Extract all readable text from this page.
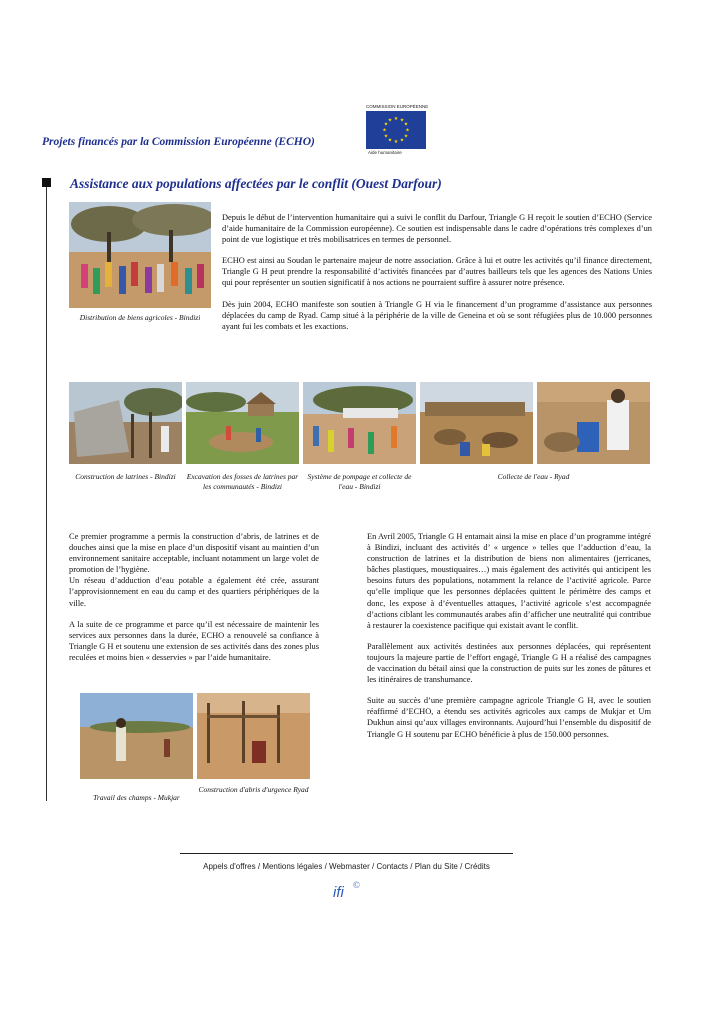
Projets financés par la Commission Européenne (ECHO)
COMMISSION EUROPÉENNE
★ ★
★
★
★
★
★
★
★
★
★
★
Aide humanitaire
Assistance aux populations affectées par le conflit (Ouest Darfour)
Distribution de biens agricoles - Bindizi

Depuis le début de l’intervention humanitaire qui a suivi le conflit du Darfour, Triangle G H reçoit le soutien d’ECHO (Service d’aide humanitaire de la Commission européenne). Ce soutien est indispensable dans le cadre d’opérations très complexes d’un point de vue logistique et très mobilisatrices en termes de personnel.

ECHO est ainsi au Soudan le partenaire majeur de notre association. Grâce à lui et outre les activités qu’il finance directement, Triangle G H peut prendre la responsabilité d’activités financées par d’autres bailleurs tels que les agences des Nations Unies qui pour représenter un soutien significatif à nos actions ne pourraient suffire à assurer notre présence.

Dès juin 2004, ECHO manifeste son soutien à Triangle G H via le financement d’un programme d’assistance aux personnes déplacées du camp de Ryad. Camp situé à la périphérie de la ville de Geneina et où se sont réfugiées plus de 10.000 personnes ayant fui les combats et les exactions.

Construction de latrines - Bindizi	Excavation des fosses de latrines par les communautés - Bindizi
Système de pompage et collecte de l'eau - Bindizi
Collecte de l'eau - Ryad

Ce premier programme a permis la construction d’abris, de latrines et de douches ainsi que la mise en place d’un dispositif visant au maintien d’un environnement sanitaire acceptable, incluant notamment un large volet de promotion de l’hygiène.

Un réseau d’adduction d’eau potable a également été crée, assurant l’approvisionnement en eau du camp et des quartiers périphériques de la ville.

A la suite de ce programme et parce qu’il est nécessaire de maintenir les services aux personnes dans la durée, ECHO a renouvelé sa confiance à Triangle G H et soutenu une extension de ses activités dans des zones plus reculées et moins bien « desservies » par l’aide humanitaire.

Travail des champs - Mukjar
Construction d'abris d'urgence Ryad

En Avril 2005, Triangle G H entamait ainsi la mise en place d’un programme intégré à Bindizi, incluant des activités d’ « urgence » telles que l’adduction d’eau, la construction de latrines et la distribution de biens non alimentaires (jerricanes, bâches plastiques, moustiquaires…) mais également des activités qui anticipent les besoins futurs des populations, notamment la relance de l’activité agricole. Parce qu’elle implique que les personnes déplacées quittent le périmètre des camps et donc, les expose à d’éventuelles attaques, l’activité agricole s’est accompagnée d’actions ciblant les communautés arabes afin d’afficher une neutralité qui contribue à restaurer la coexistence pacifique qui existait avant le conflit.

Parallèlement aux activités destinées aux personnes déplacées, qui représentent toujours la majeure partie de l’effort engagé, Triangle G H a réalisé des campagnes de vaccination du bétail ainsi que la construction de puits sur les zones de pâtures et les itinéraires de transhumance.

Suite au succès d’une première campagne agricole Triangle G H, avec le soutien réaffirmé d’ECHO, a étendu ses activités agricoles aux camps de Mukjar et Um Dukhun ainsi qu’aux villages environnants. Aujourd’hui l’ensemble du dispositif de Triangle G H soutenu par ECHO bénéficie à plus de 150.000 personnes.

Appels d'offres / Mentions légales / Webmaster / Contacts / Plan du Site / Crédits
ifi ©
